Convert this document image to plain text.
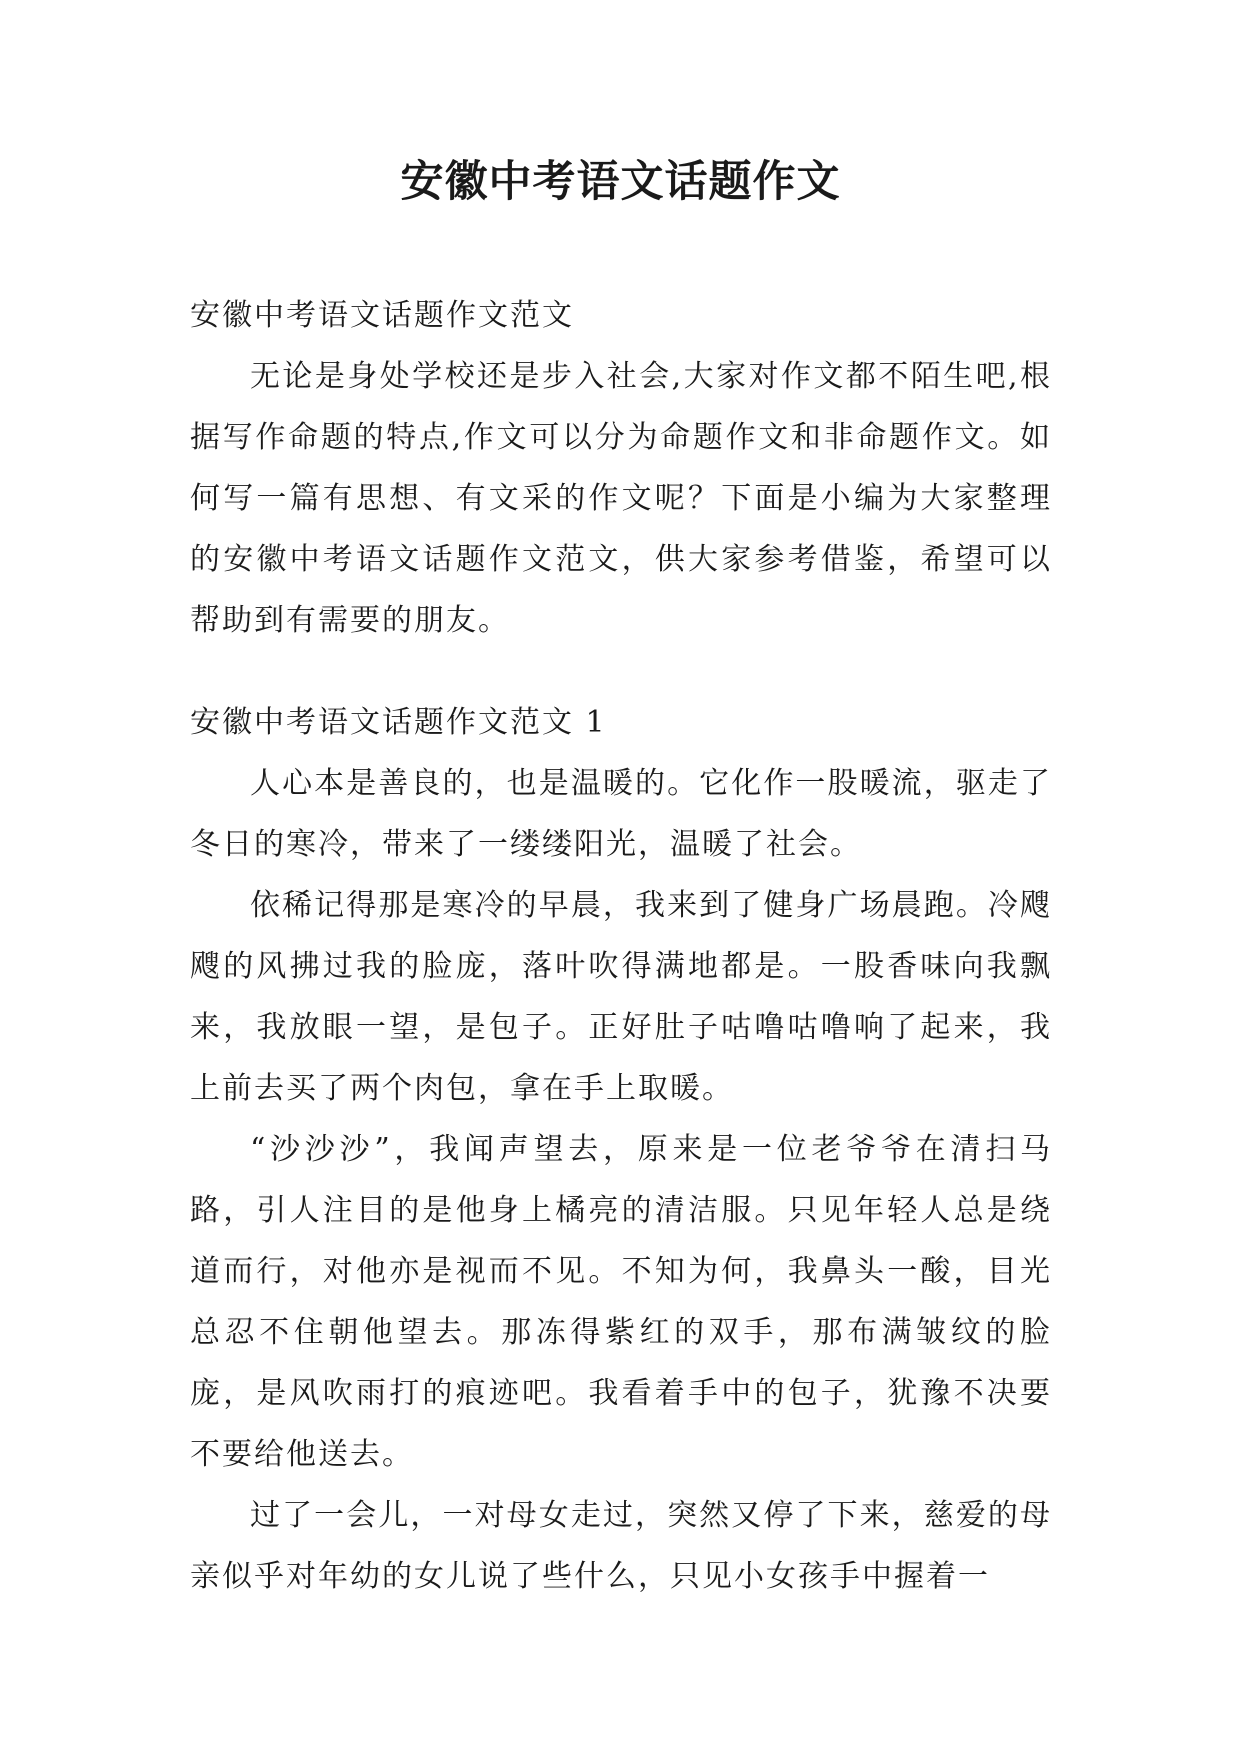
安徽中考语文话题作文

安徽中考语文话题作文范文

无论是身处学校还是步入社会,大家对作文都不陌生吧,根据写作命题的特点,作文可以分为命题作文和非命题作文。如何写一篇有思想、有文采的作文呢？下面是小编为大家整理的安徽中考语文话题作文范文，供大家参考借鉴，希望可以帮助到有需要的朋友。

安徽中考语文话题作文范文 1

人心本是善良的，也是温暖的。它化作一股暖流，驱走了冬日的寒冷，带来了一缕缕阳光，温暖了社会。

依稀记得那是寒冷的早晨，我来到了健身广场晨跑。冷飕飕的风拂过我的脸庞，落叶吹得满地都是。一股香味向我飘来，我放眼一望，是包子。正好肚子咕噜咕噜响了起来，我上前去买了两个肉包，拿在手上取暖。

“沙沙沙”，我闻声望去，原来是一位老爷爷在清扫马路，引人注目的是他身上橘亮的清洁服。只见年轻人总是绕道而行，对他亦是视而不见。不知为何，我鼻头一酸，目光总忍不住朝他望去。那冻得紫红的双手，那布满皱纹的脸庞，是风吹雨打的痕迹吧。我看着手中的包子，犹豫不决要不要给他送去。

过了一会儿，一对母女走过，突然又停了下来，慈爱的母亲似乎对年幼的女儿说了些什么，只见小女孩手中握着一
